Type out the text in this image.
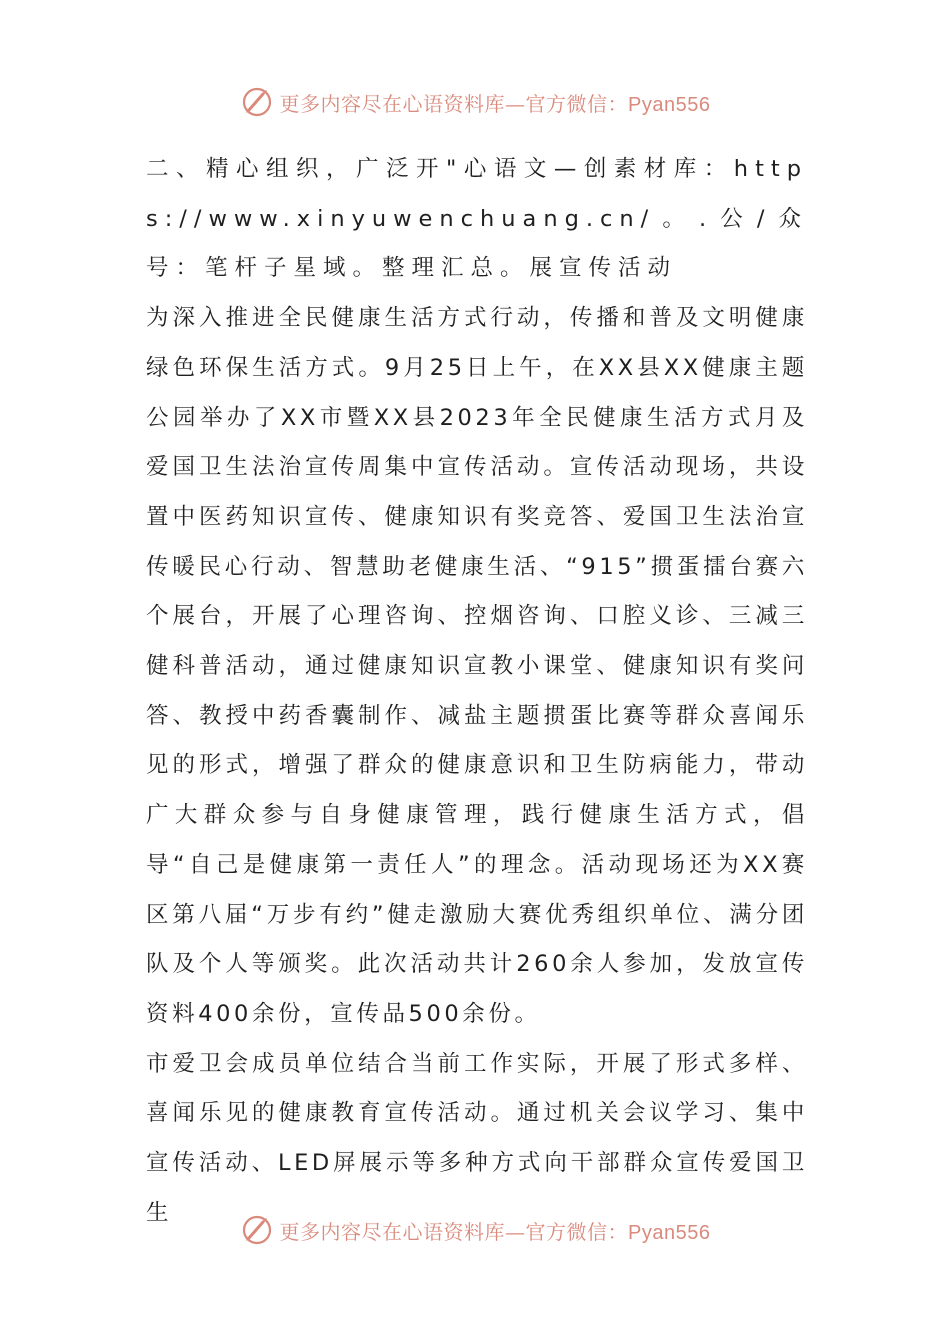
更多内容尽在心语资料库—官方微信：Pyan556

二、精心组织，广泛开"心语文—创素材库：https://www.xinyuwenchuang.cn/。.公/众号：笔杆子星域。整理汇总。展宣传活动

为深入推进全民健康生活方式行动，传播和普及文明健康绿色环保生活方式。9月25日上午，在XX县XX健康主题公园举办了XX市暨XX县2023年全民健康生活方式月及爱国卫生法治宣传周集中宣传活动。宣传活动现场，共设置中医药知识宣传、健康知识有奖竞答、爱国卫生法治宣传暖民心行动、智慧助老健康生活、“915”掼蛋擂台赛六个展台，开展了心理咨询、控烟咨询、口腔义诊、三减三健科普活动，通过健康知识宣教小课堂、健康知识有奖问答、教授中药香囊制作、减盐主题掼蛋比赛等群众喜闻乐见的形式，增强了群众的健康意识和卫生防病能力，带动广大群众参与自身健康管理，践行健康生活方式，倡导“自己是健康第一责任人”的理念。活动现场还为XX赛区第八届“万步有约”健走激励大赛优秀组织单位、满分团队及个人等颁奖。此次活动共计260余人参加，发放宣传资料400余份，宣传品500余份。

市爱卫会成员单位结合当前工作实际，开展了形式多样、喜闻乐见的健康教育宣传活动。通过机关会议学习、集中宣传活动、LED屏展示等多种方式向干部群众宣传爱国卫生

更多内容尽在心语资料库—官方微信：Pyan556
